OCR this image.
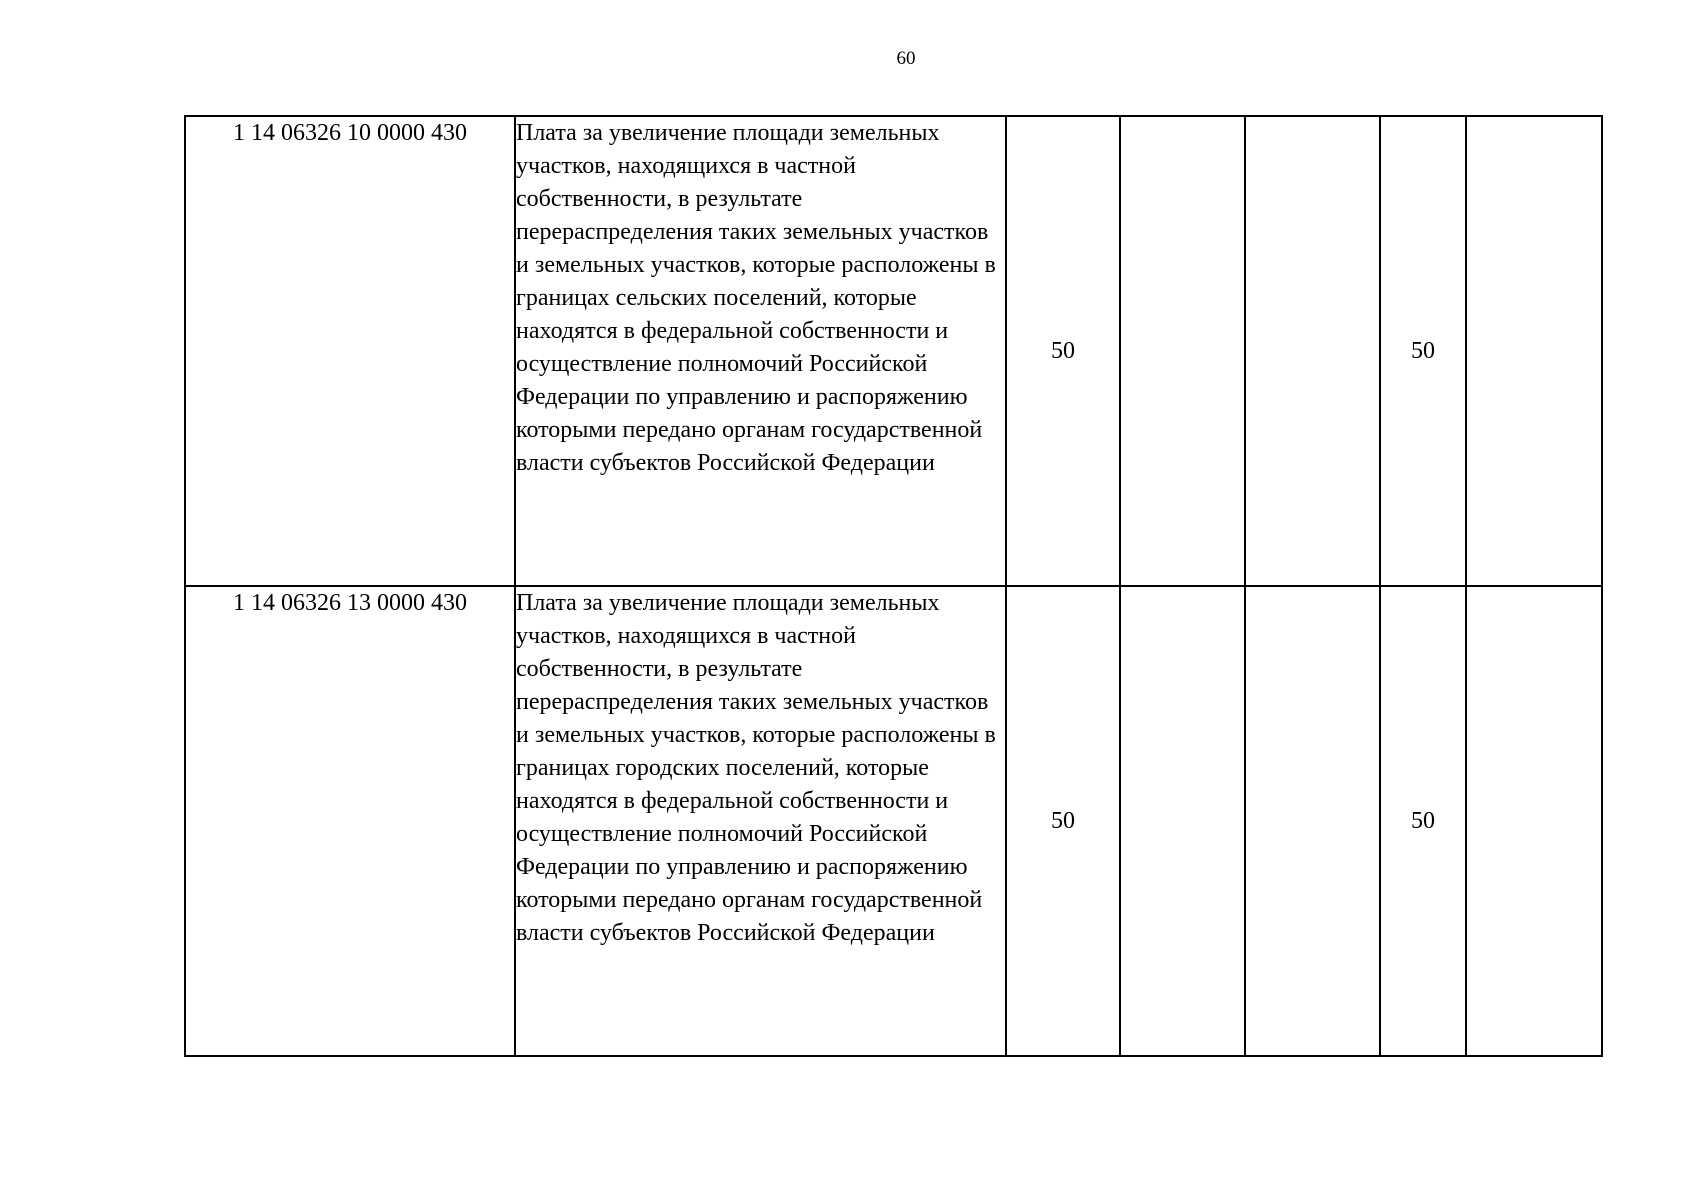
60
1 14 06326 10 0000 430	Плата за увеличение площади земельных участков, находящихся в частной собственности, в результате перераспределения таких земельных участков и земельных участков, которые расположены в границах сельских поселений, которые находятся в федеральной собственности и осуществление полномочий Российской Федерации по управлению и распоряжению которыми передано органам государственной власти субъектов Российской Федерации	50			50	
1 14 06326 13 0000 430	Плата за увеличение площади земельных участков, находящихся в частной собственности, в результате перераспределения таких земельных участков и земельных участков, которые расположены в границах городских поселений, которые находятся в федеральной собственности и осуществление полномочий Российской Федерации по управлению и распоряжению которыми передано органам государственной власти субъектов Российской Федерации	50			50	
